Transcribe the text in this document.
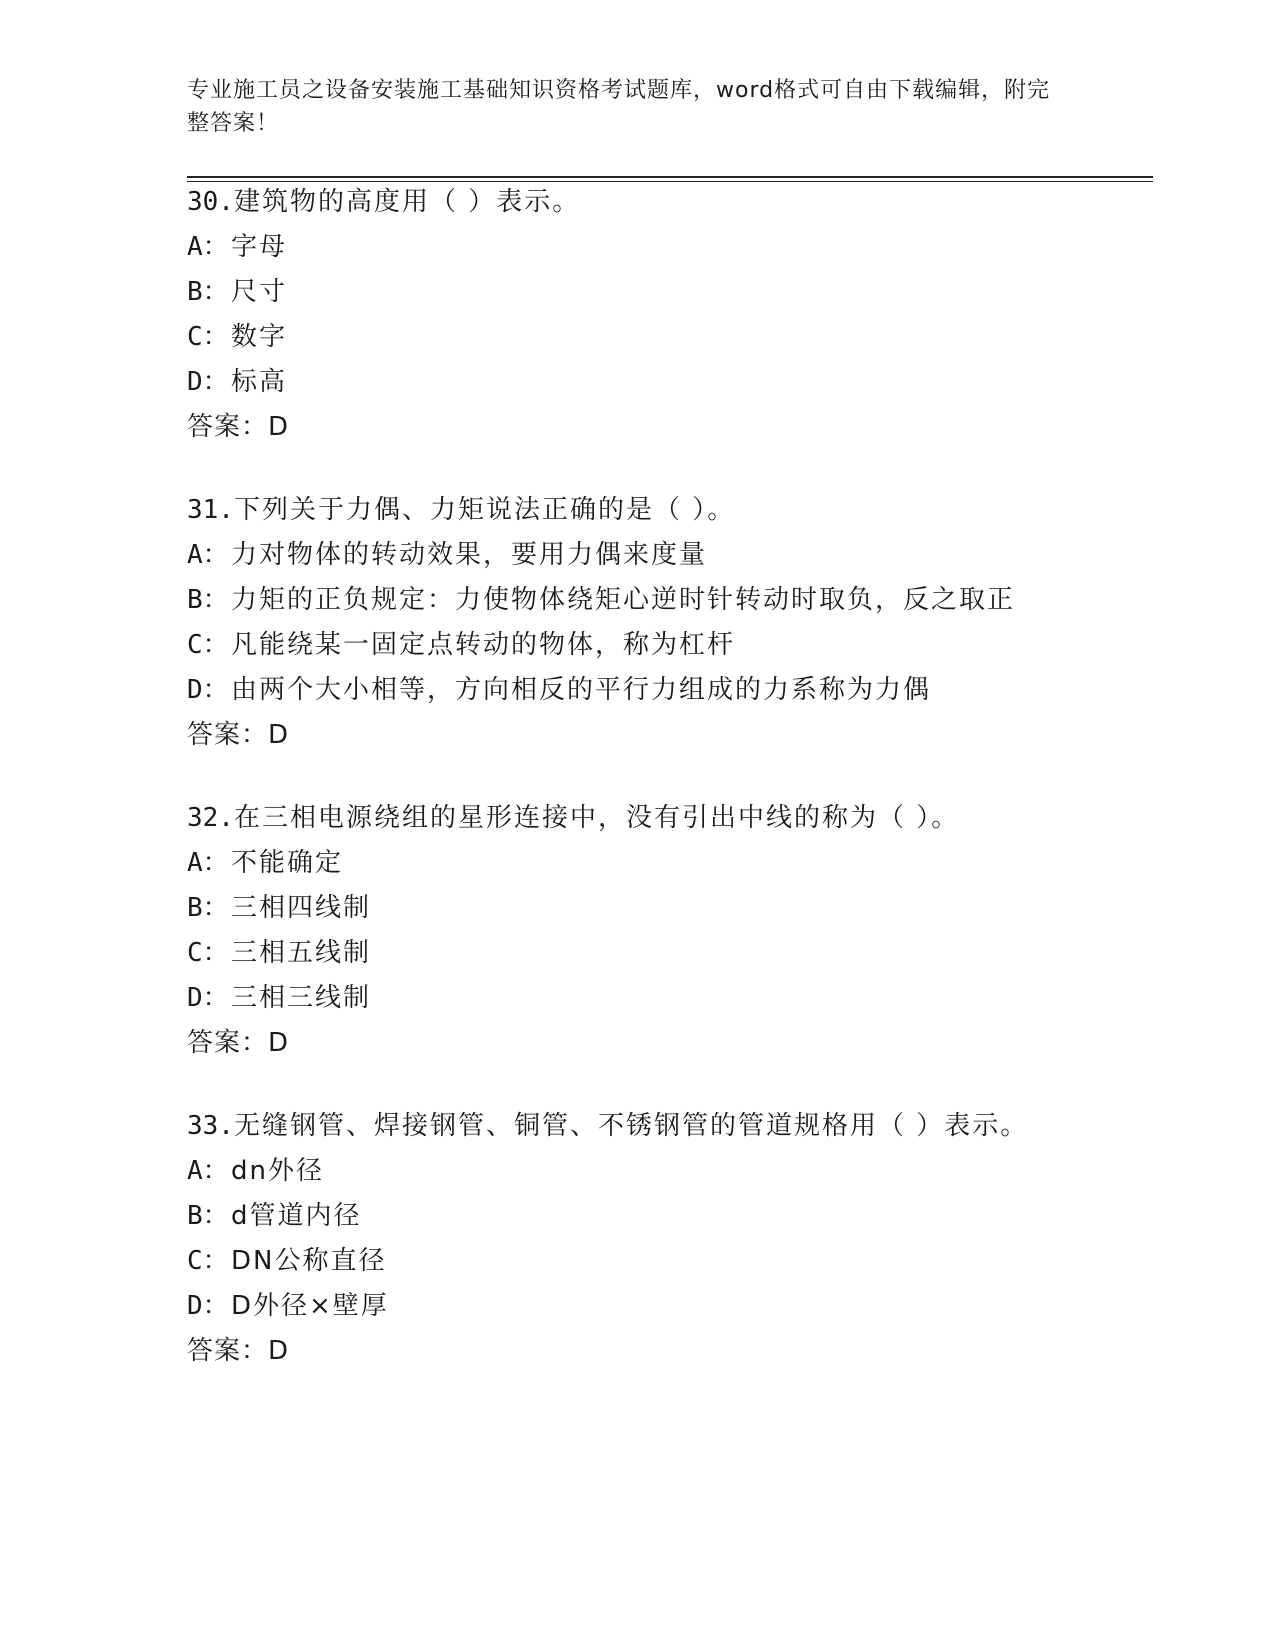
专业施工员之设备安装施工基础知识资格考试题库，word格式可自由下载编辑，附完整答案！
30.建筑物的高度用（ ）表示。
A：字母
B：尺寸
C：数字
D：标高
答案：D
31.下列关于力偶、力矩说法正确的是（ ）。
A：力对物体的转动效果，要用力偶来度量
B：力矩的正负规定：力使物体绕矩心逆时针转动时取负，反之取正
C：凡能绕某一固定点转动的物体，称为杠杆
D：由两个大小相等，方向相反的平行力组成的力系称为力偶
答案：D
32.在三相电源绕组的星形连接中，没有引出中线的称为（ ）。
A：不能确定
B：三相四线制
C：三相五线制
D：三相三线制
答案：D
33.无缝钢管、焊接钢管、铜管、不锈钢管的管道规格用（ ）表示。
A：dn外径
B：d管道内径
C：DN公称直径
D：D外径×壁厚
答案：D
